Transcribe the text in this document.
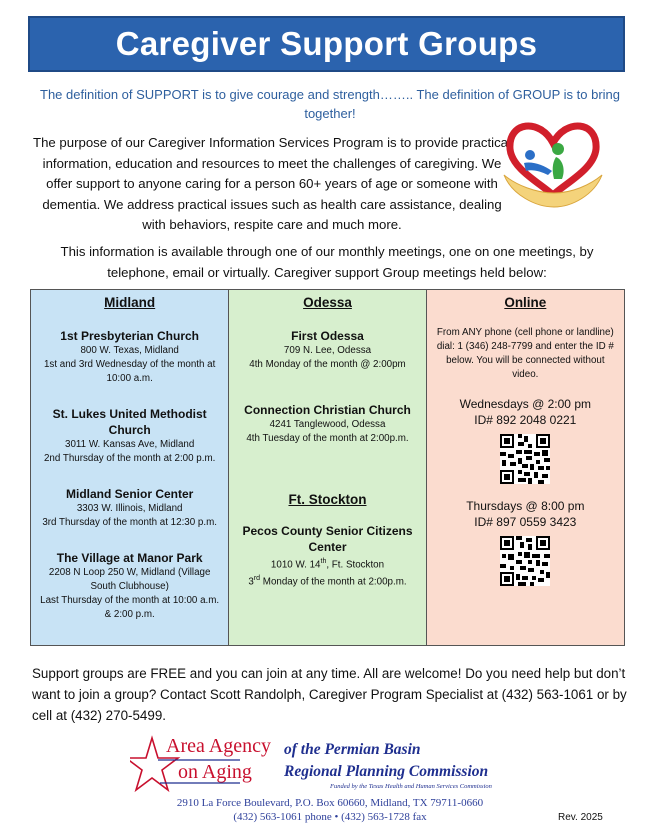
Caregiver Support Groups
The definition of SUPPORT is to give courage and strength…….. The definition of GROUP is to bring together!
The purpose of our Caregiver Information Services Program is to provide practical information, education and resources to meet the challenges of caregiving. We offer support to anyone caring for a person 60+ years of age or someone with dementia. We address practical issues such as health care assistance, dealing with behaviors, respite care and much more.
This information is available through one of our monthly meetings, one on one meetings, by telephone, email or virtually. Caregiver support Group meetings held below:
Midland
1st Presbyterian Church
800 W. Texas, Midland
1st and 3rd Wednesday of the month at 10:00 a.m.
St. Lukes United Methodist Church
3011 W. Kansas Ave, Midland
2nd Thursday of the month at 2:00 p.m.
Midland Senior Center
3303 W. Illinois, Midland
3rd Thursday of the month at 12:30 p.m.
The Village at Manor Park
2208 N Loop 250 W, Midland (Village South Clubhouse)
Last Thursday of the month at 10:00 a.m. & 2:00 p.m.
Odessa
First Odessa
709 N. Lee, Odessa
4th Monday of the month @ 2:00pm
Connection Christian Church
4241 Tanglewood, Odessa
4th Tuesday of the month at 2:00p.m.
Ft. Stockton
Pecos County Senior Citizens Center
1010 W. 14th, Ft. Stockton
3rd Monday of the month at 2:00p.m.
Online
From ANY phone (cell phone or landline) dial: 1 (346) 248-7799 and enter the ID # below. You will be connected without video.
Wednesdays @ 2:00 pm
ID# 892 2048 0221
Thursdays @ 8:00 pm
ID# 897 0559 3423
Support groups are FREE and you can join at any time. All are welcome! Do you need help but don’t want to join a group? Contact Scott Randolph, Caregiver Program Specialist at (432) 563-1061 or by cell at (432) 270-5499.
Area Agency
on Aging
of the Permian Basin
Regional Planning Commission
Funded by the Texas Health and Human Services Commission
2910 La Force Boulevard, P.O. Box 60660, Midland, TX 79711-0660
(432) 563-1061 phone • (432) 563-1728 fax	Rev. 2025
